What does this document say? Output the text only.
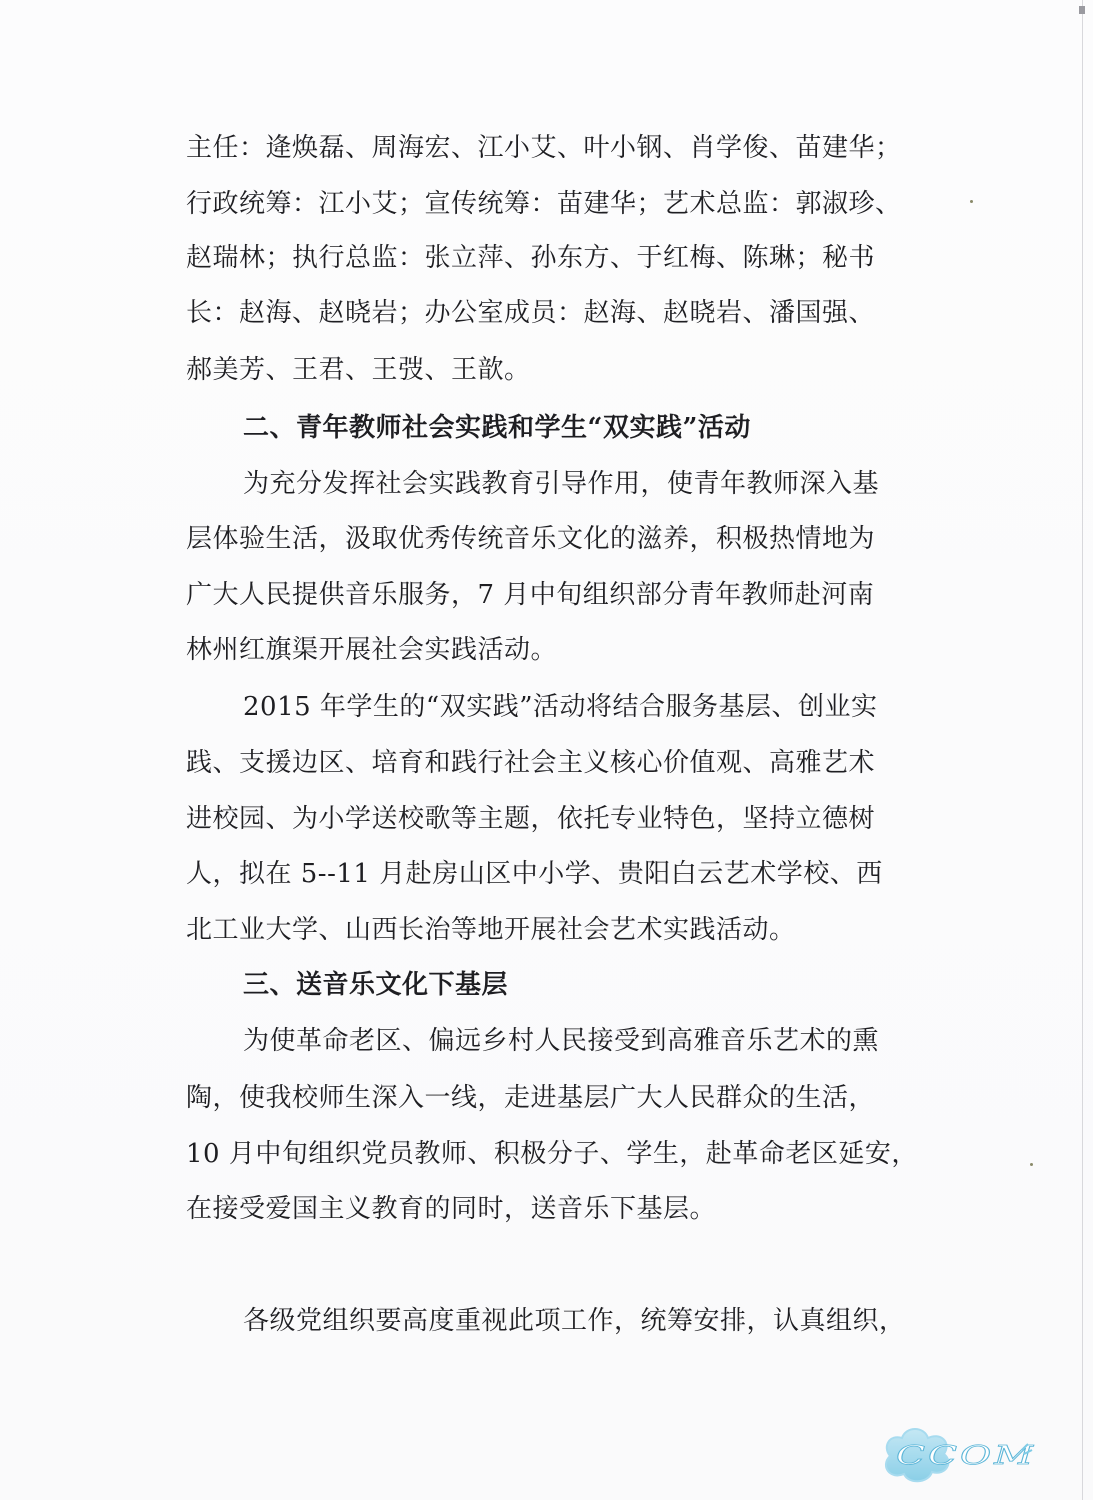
主任：逄焕磊、周海宏、江小艾、叶小钢、肖学俊、苗建华；
行政统筹：江小艾；宣传统筹：苗建华；艺术总监：郭淑珍、
赵瑞林；执行总监：张立萍、孙东方、于红梅、陈琳；秘书
长：赵海、赵晓岩；办公室成员：赵海、赵晓岩、潘国强、
郝美芳、王君、王弢、王歆。
二、青年教师社会实践和学生“双实践”活动
为充分发挥社会实践教育引导作用，使青年教师深入基
层体验生活，汲取优秀传统音乐文化的滋养，积极热情地为
广大人民提供音乐服务，7 月中旬组织部分青年教师赴河南
林州红旗渠开展社会实践活动。
2015 年学生的“双实践”活动将结合服务基层、创业实
践、支援边区、培育和践行社会主义核心价值观、高雅艺术
进校园、为小学送校歌等主题，依托专业特色，坚持立德树
人，拟在 5--11 月赴房山区中小学、贵阳白云艺术学校、西
北工业大学、山西长治等地开展社会艺术实践活动。
三、送音乐文化下基层
为使革命老区、偏远乡村人民接受到高雅音乐艺术的熏
陶，使我校师生深入一线，走进基层广大人民群众的生活，
10 月中旬组织党员教师、积极分子、学生，赴革命老区延安，
在接受爱国主义教育的同时，送音乐下基层。
各级党组织要高度重视此项工作，统筹安排，认真组织，
CCOM
